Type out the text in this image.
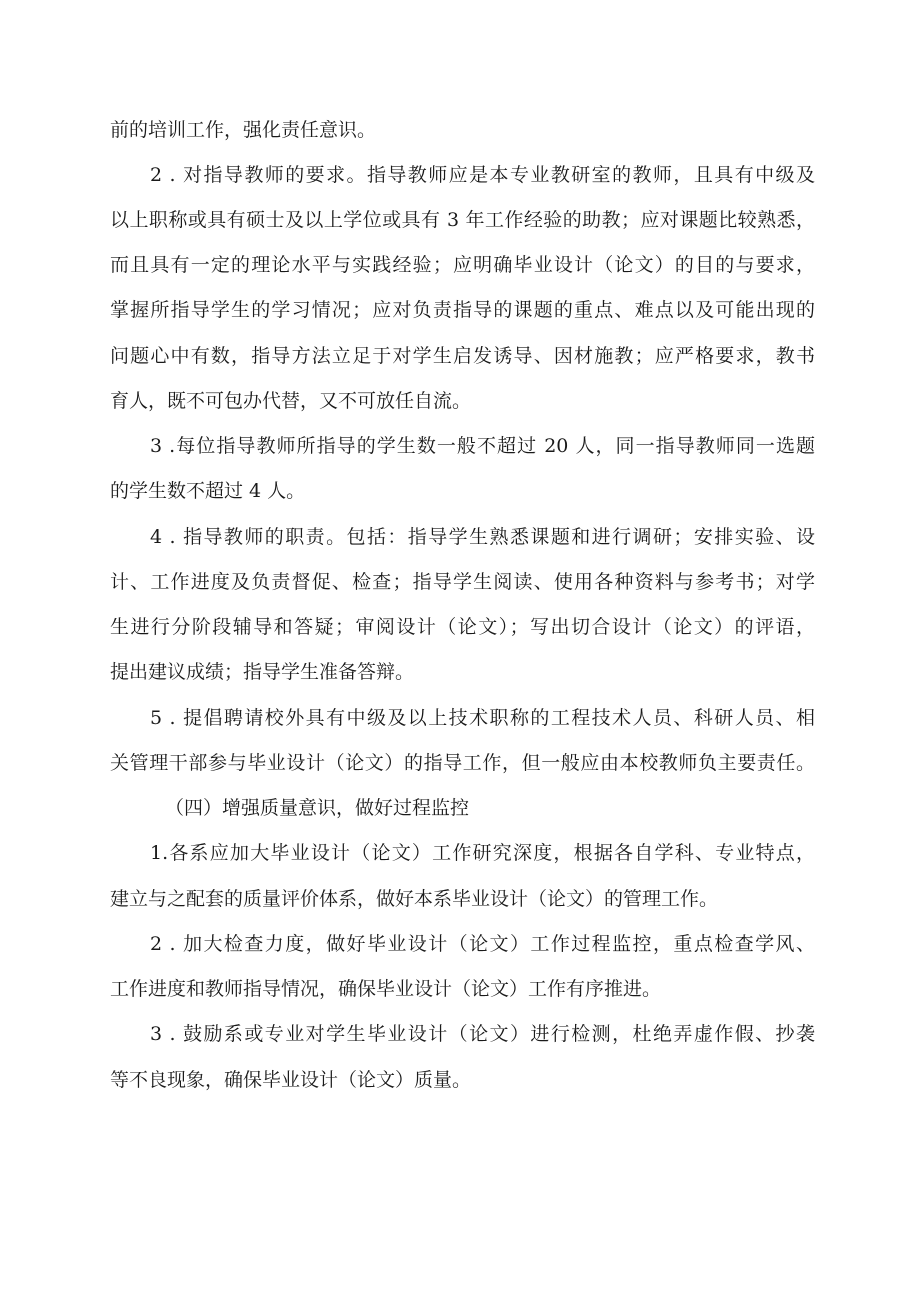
前的培训工作，强化责任意识。
2 . 对指导教师的要求。指导教师应是本专业教研室的教师，且具有中级及
以上职称或具有硕士及以上学位或具有 3 年工作经验的助教；应对课题比较熟悉，
而且具有一定的理论水平与实践经验；应明确毕业设计（论文）的目的与要求，
掌握所指导学生的学习情况；应对负责指导的课题的重点、难点以及可能出现的
问题心中有数，指导方法立足于对学生启发诱导、因材施教；应严格要求，教书
育人，既不可包办代替，又不可放任自流。
3 .每位指导教师所指导的学生数一般不超过 20 人，同一指导教师同一选题
的学生数不超过 4 人。
4 . 指导教师的职责。包括：指导学生熟悉课题和进行调研；安排实验、设
计、工作进度及负责督促、检查；指导学生阅读、使用各种资料与参考书；对学
生进行分阶段辅导和答疑；审阅设计（论文）；写出切合设计（论文）的评语，
提出建议成绩；指导学生准备答辩。
5 . 提倡聘请校外具有中级及以上技术职称的工程技术人员、科研人员、相
关管理干部参与毕业设计（论文）的指导工作，但一般应由本校教师负主要责任。
（四）增强质量意识，做好过程监控
1.各系应加大毕业设计（论文）工作研究深度，根据各自学科、专业特点，
建立与之配套的质量评价体系，做好本系毕业设计（论文）的管理工作。
2 . 加大检查力度，做好毕业设计（论文）工作过程监控，重点检查学风、
工作进度和教师指导情况，确保毕业设计（论文）工作有序推进。
3 . 鼓励系或专业对学生毕业设计（论文）进行检测，杜绝弄虚作假、抄袭
等不良现象，确保毕业设计（论文）质量。
